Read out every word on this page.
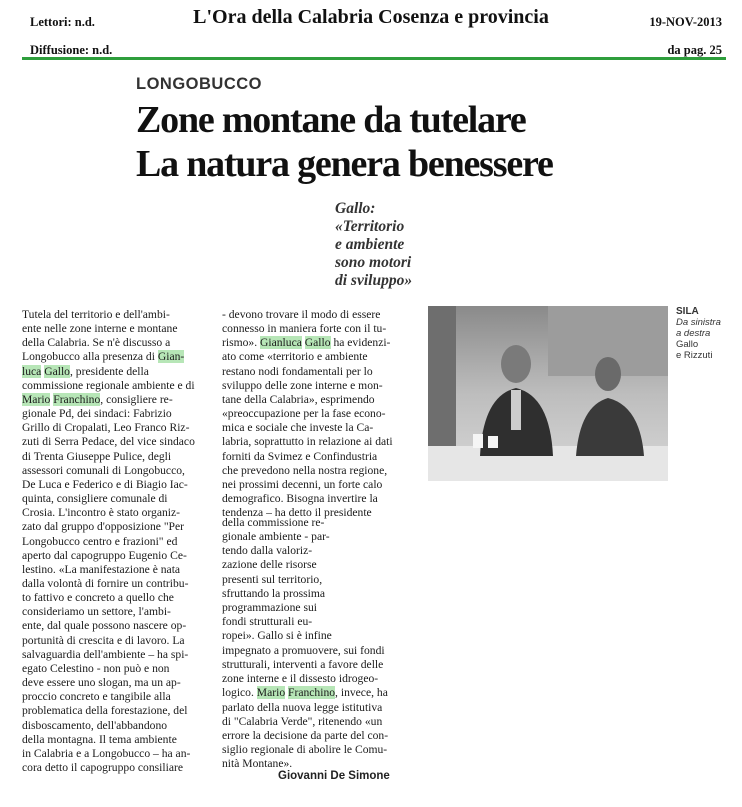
Lettori: n.d.
Diffusione: n.d.
L'Ora della Calabria Cosenza e provincia	19-NOV-2013
da pag. 25
LONGOBUCCO
Zone montane da tutelare
La natura genera benessere
Gallo:
«Territorio
e ambiente
sono motori
di sviluppo»
Tutela del territorio e dell'ambi-
ente nelle zone interne e montane
della Calabria. Se n'è discusso a
Longobucco alla presenza di Gian-
luca Gallo, presidente della
commissione regionale ambiente e di
Mario Franchino, consigliere re-
gionale Pd, dei sindaci: Fabrizio
Grillo di Cropalati, Leo Franco Riz-
zuti di Serra Pedace, del vice sindaco
di Trenta Giuseppe Pulice, degli
assessori comunali di Longobucco,
De Luca e Federico e di Biagio Iac-
quinta, consigliere comunale di
Crosia. L'incontro è stato organiz-
zato dal gruppo d'opposizione "Per
Longobucco centro e frazioni" ed
aperto dal capogruppo Eugenio Ce-
lestino. «La manifestazione è nata
dalla volontà di fornire un contribu-
to fattivo e concreto a quello che
consideriamo un settore, l'ambi-
ente, dal quale possono nascere op-
portunità di crescita e di lavoro. La
salvaguardia dell'ambiente – ha spi-
egato Celestino - non può e non
deve essere uno slogan, ma un ap-
proccio concreto e tangibile alla
problematica della forestazione, del
disboscamento, dell'abbandono
della montagna. Il tema ambiente
in Calabria e a Longobucco – ha an-
cora detto il capogruppo consiliare
- devono trovare il modo di essere
connesso in maniera forte con il tu-
rismo». Gianluca Gallo ha evidenzi-
ato come «territorio e ambiente
restano nodi fondamentali per lo
sviluppo delle zone interne e mon-
tane della Calabria», esprimendo
«preoccupazione per la fase econo-
mica e sociale che investe la Ca-
labria, soprattutto in relazione ai dati
forniti da Svimez e Confindustria
che prevedono nella nostra regione,
nei prossimi decenni, un forte calo
demografico. Bisogna invertire la
tendenza – ha detto il presidente
della commissione re-
gionale ambiente - par-
tendo dalla valoriz-
zazione delle risorse
presenti sul territorio,
sfruttando la prossima
programmazione sui
fondi strutturali eu-
ropei». Gallo si è infine
impegnato a promuovere, sui fondi
strutturali, interventi a favore delle
zone interne e il dissesto idrogeo-
logico. Mario Franchino, invece, ha
parlato della nuova legge istitutiva
di "Calabria Verde", ritenendo «un
errore la decisione da parte del con-
siglio regionale di abolire le Comu-
nità Montane».
Giovanni De Simone
SILA
Da sinistra
a destra
Gallo
e Rizzuti
